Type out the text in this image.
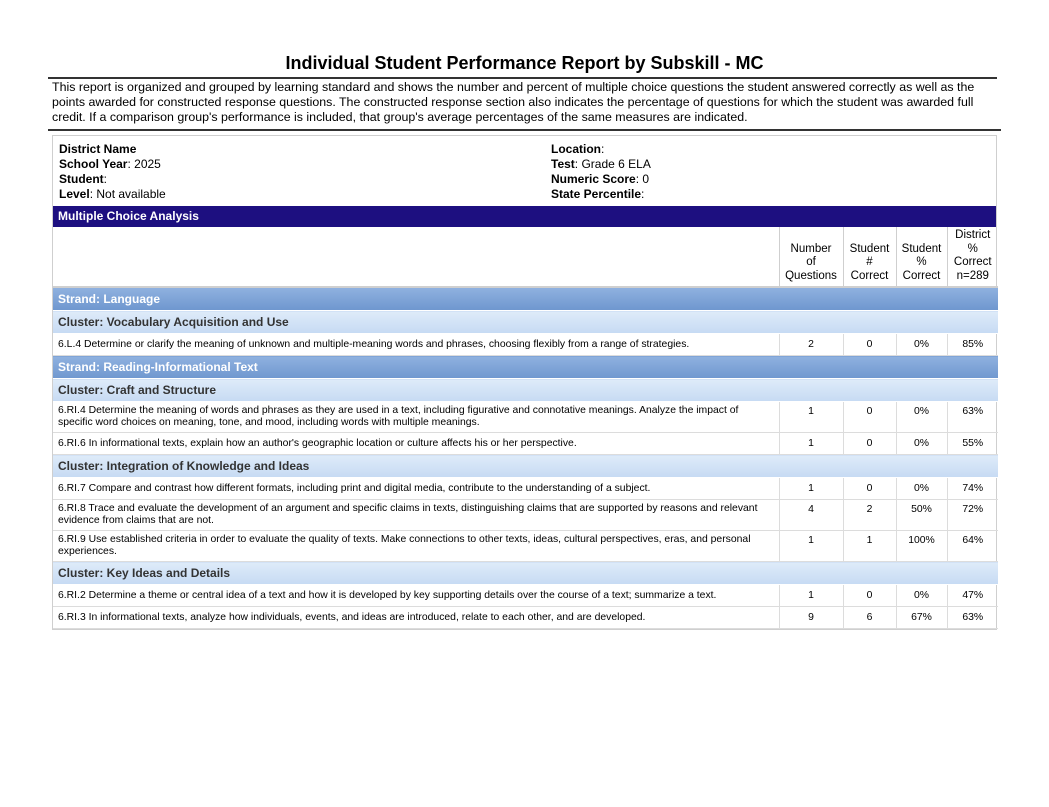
Individual Student Performance Report by Subskill - MC
This report is organized and grouped by learning standard and shows the number and percent of multiple choice questions the student answered correctly as well as the points awarded for constructed response questions. The constructed response section also indicates the percentage of questions for which the student was awarded full credit. If a comparison group's performance is included, that group's average percentages of the same measures are indicated.
District Name
School Year: 2025
Student:
Level: Not available
Location:
Test: Grade 6 ELA
Numeric Score: 0
State Percentile:
Multiple Choice Analysis
	Number
of
Questions	Student
#
Correct	Student
%
Correct	District
%
Correct
n=289
Strand: Language				
Cluster: Vocabulary Acquisition and Use				
6.L.4 Determine or clarify the meaning of unknown and multiple-meaning words and phrases, choosing flexibly from a range of strategies.	2	0	0%	85%
Strand: Reading-Informational Text				
Cluster: Craft and Structure				
6.RI.4 Determine the meaning of words and phrases as they are used in a text, including figurative and connotative meanings. Analyze the impact of specific word choices on meaning, tone, and mood, including words with multiple meanings.	1	0	0%	63%
6.RI.6 In informational texts, explain how an author's geographic location or culture affects his or her perspective.	1	0	0%	55%
Cluster: Integration of Knowledge and Ideas				
6.RI.7 Compare and contrast how different formats, including print and digital media, contribute to the understanding of a subject.	1	0	0%	74%
6.RI.8 Trace and evaluate the development of an argument and specific claims in texts, distinguishing claims that are supported by reasons and relevant evidence from claims that are not.	4	2	50%	72%
6.RI.9 Use established criteria in order to evaluate the quality of texts. Make connections to other texts, ideas, cultural perspectives, eras, and personal experiences.	1	1	100%	64%
Cluster: Key Ideas and Details				
6.RI.2 Determine a theme or central idea of a text and how it is developed by key supporting details over the course of a text; summarize a text.	1	0	0%	47%
6.RI.3 In informational texts, analyze how individuals, events, and ideas are introduced, relate to each other, and are developed.	9	6	67%	63%
